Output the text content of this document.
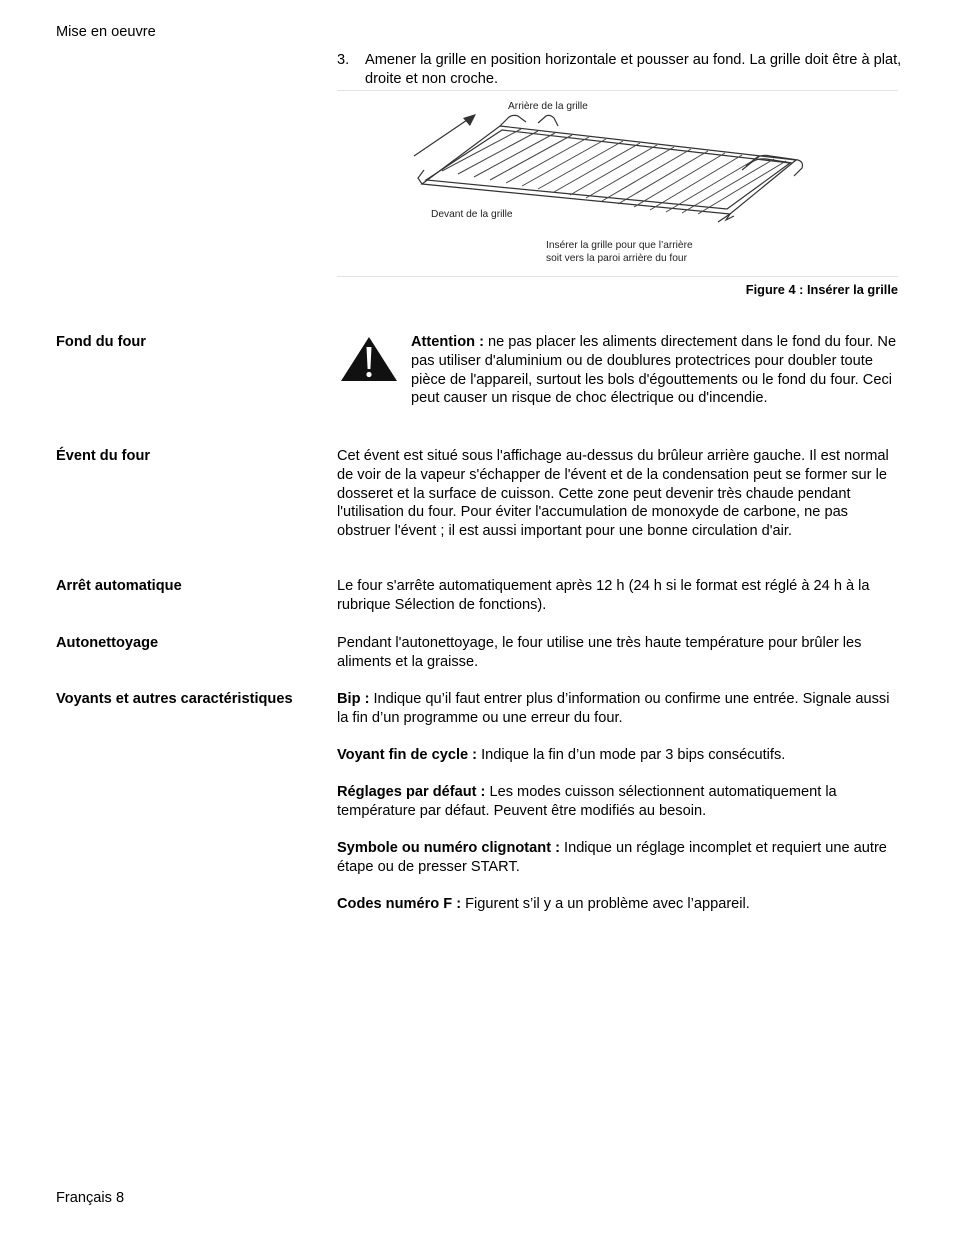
Mise en oeuvre
3. Amener la grille en position horizontale et pousser au fond. La grille doit être à plat, droite et non croche.
Arrière de la grille
Devant de la grille
Insérer la grille pour que l’arrière
soit vers la paroi arrière du four
Figure 4 : Insérer la grille
Fond du four	Attention : ne pas placer les aliments directement dans le fond du four. Ne pas utiliser d'aluminium ou de doublures protectrices pour doubler toute pièce de l'appareil, surtout les bols d'égouttements ou le fond du four. Ceci peut causer un risque de choc électrique ou d'incendie.
Évent du four	Cet évent est situé sous l'affichage au-dessus du brûleur arrière gauche. Il est normal de voir de la vapeur s'échapper de l'évent et de la condensation peut se former sur le dosseret et la surface de cuisson. Cette zone peut devenir très chaude pendant l'utilisation du four. Pour éviter l'accumulation de monoxyde de carbone, ne pas obstruer l'évent ; il est aussi important pour une bonne circulation d'air.
Arrêt automatique	Le four s'arrête automatiquement après 12 h (24 h si le format est réglé à 24 h à la rubrique Sélection de fonctions).
Autonettoyage	Pendant l'autonettoyage, le four utilise une très haute température pour brûler les aliments et la graisse.
Voyants et autres caractéristiques	Bip : Indique qu’il faut entrer plus d’information ou confirme une entrée. Signale aussi la fin d’un programme ou une erreur du four.

Voyant fin de cycle : Indique la fin d’un mode par 3 bips consécutifs.

Réglages par défaut : Les modes cuisson sélectionnent automatiquement la température par défaut. Peuvent être modifiés au besoin.

Symbole ou numéro clignotant : Indique un réglage incomplet et requiert une autre étape ou de presser START.

Codes numéro F : Figurent s’il y a un problème avec l’appareil.

Français 8
